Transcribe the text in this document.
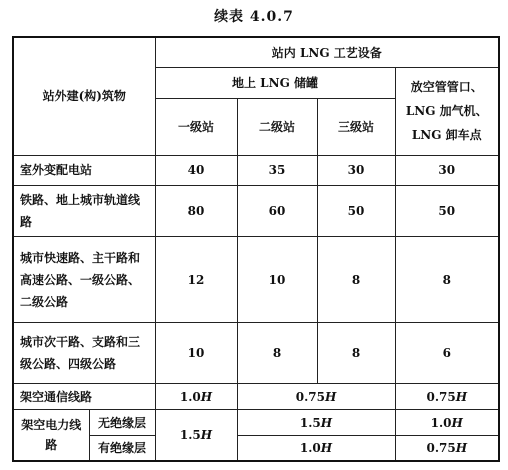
续表 4.0.7
站外建(构)筑物		站内 LNG 工艺设备			
		地上 LNG 储罐			放空管管口、LNG 加气机、LNG 卸车点
		一级站	二级站	三级站	
室外变配电站		40	35	30	30
铁路、地上城市轨道线路		80	60	50	50
城市快速路、主干路和高速公路、一级公路、二级公路		12	10	8	8
城市次干路、支路和三级公路、四级公路		10	8	8	6
架空通信线路		1.0H	0.75H		0.75H
架空电力线路	无绝缘层	1.5H	1.5H		1.0H
	有绝缘层		1.0H		0.75H
